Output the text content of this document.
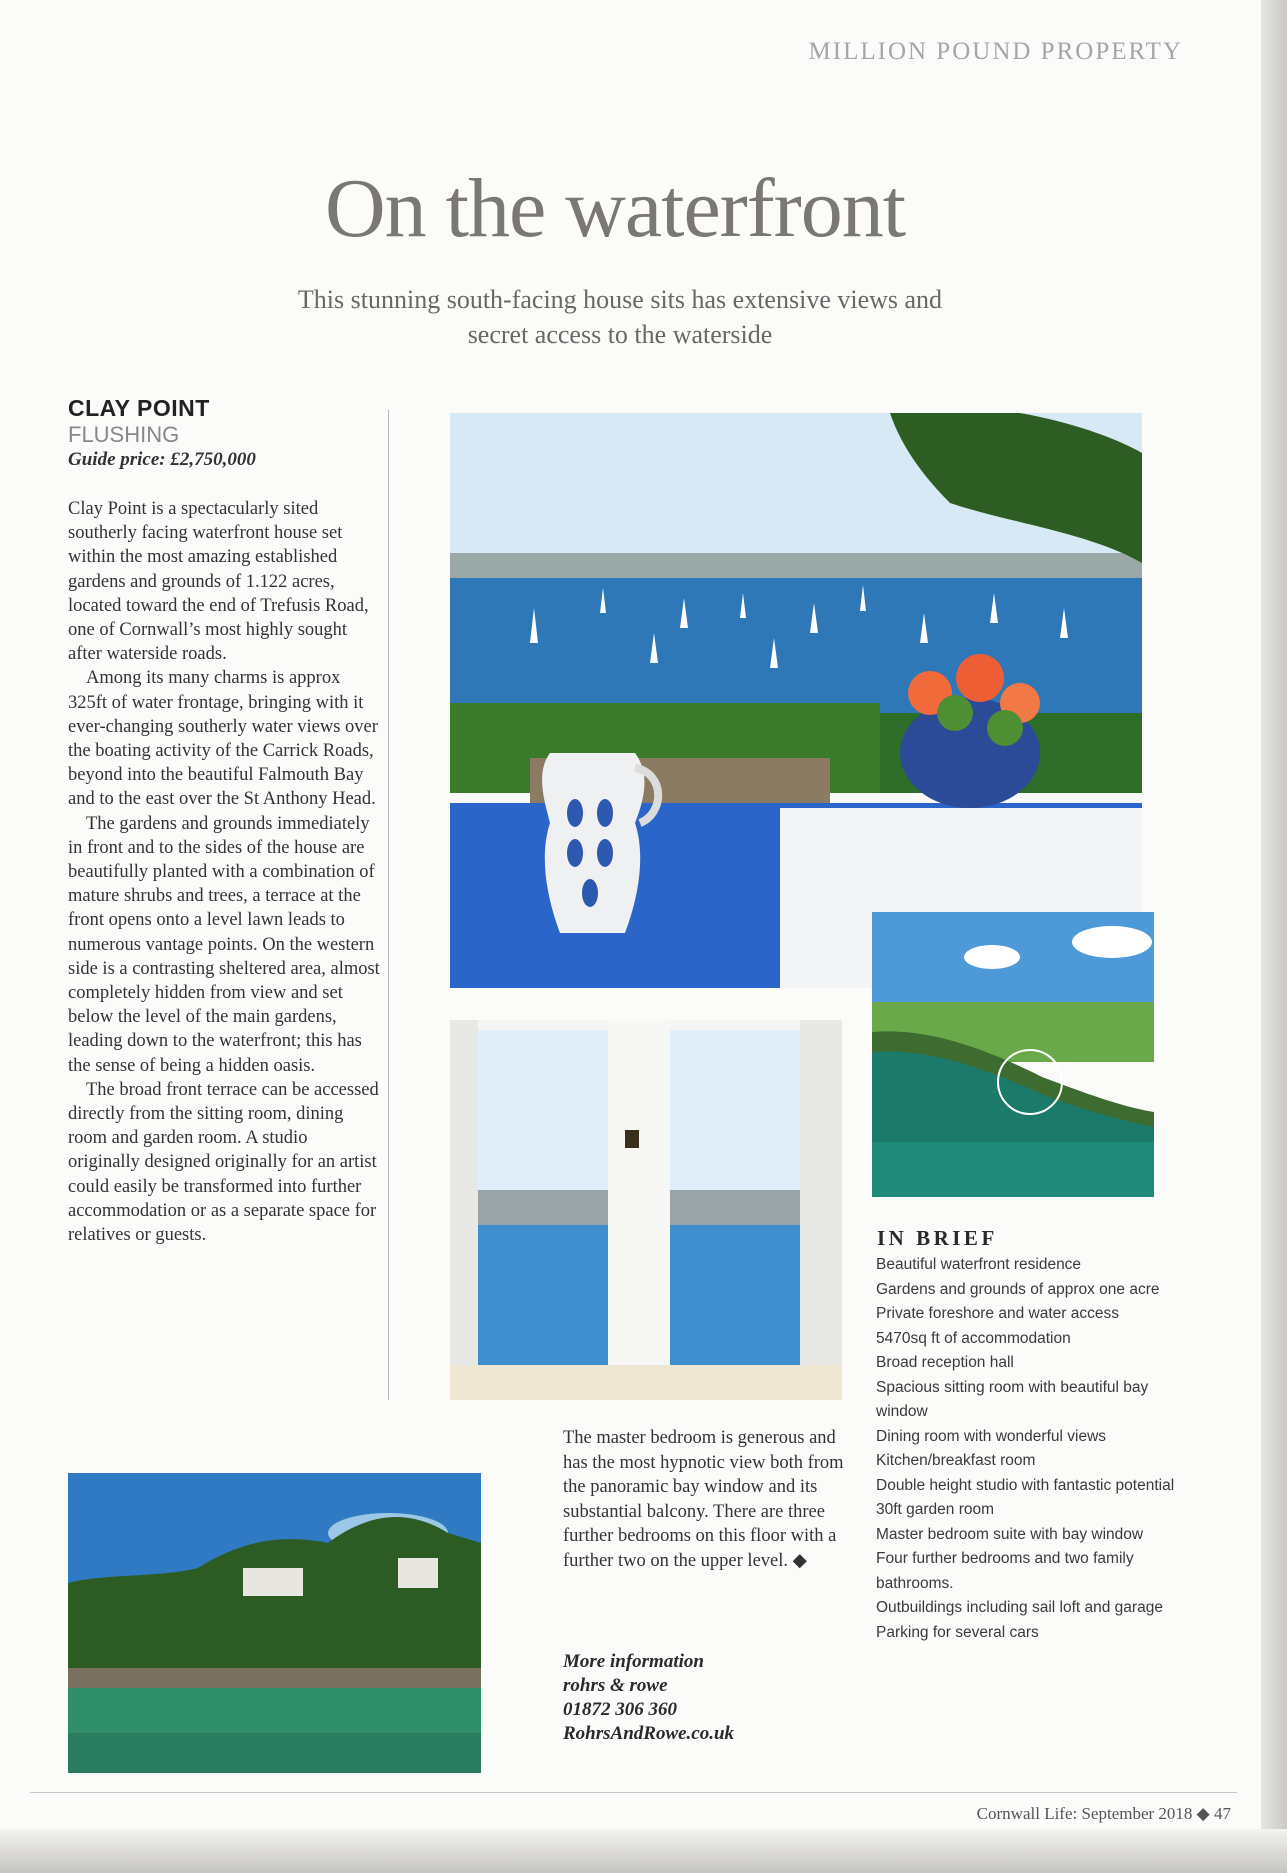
MILLION POUND PROPERTY
On the waterfront
This stunning south-facing house sits has extensive views and secret access to the waterside
CLAY POINT
FLUSHING
Guide price: £2,750,000

Clay Point is a spectacularly sited southerly facing waterfront house set within the most amazing established gardens and grounds of 1.122 acres, located toward the end of Trefusis Road, one of Cornwall’s most highly sought after waterside roads.

Among its many charms is approx 325ft of water frontage, bringing with it ever-changing southerly water views over the boating activity of the Carrick Roads, beyond into the beautiful Falmouth Bay and to the east over the St Anthony Head.

The gardens and grounds immediately in front and to the sides of the house are beautifully planted with a combination of mature shrubs and trees, a terrace at the front opens onto a level lawn leads to numerous vantage points. On the western side is a contrasting sheltered area, almost completely hidden from view and set below the level of the main gardens, leading down to the waterfront; this has the sense of being a hidden oasis.

The broad front terrace can be accessed directly from the sitting room, dining room and garden room. A studio originally designed originally for an artist could easily be transformed into further accommodation or as a separate space for relatives or guests.

The master bedroom is generous and has the most hypnotic view both from the panoramic bay window and its substantial balcony. There are three further bedrooms on this floor with a further two on the upper level. ◆
More information
rohrs & rowe
01872 306 360
RohrsAndRowe.co.uk
IN BRIEF
Beautiful waterfront residence
Gardens and grounds of approx one acre
Private foreshore and water access
5470sq ft of accommodation
Broad reception hall
Spacious sitting room with beautiful bay window
Dining room with wonderful views
Kitchen/breakfast room
Double height studio with fantastic potential
30ft garden room
Master bedroom suite with bay window
Four further bedrooms and two family bathrooms.
Outbuildings including sail loft and garage
Parking for several cars
Cornwall Life: September 2018 ◆ 47
